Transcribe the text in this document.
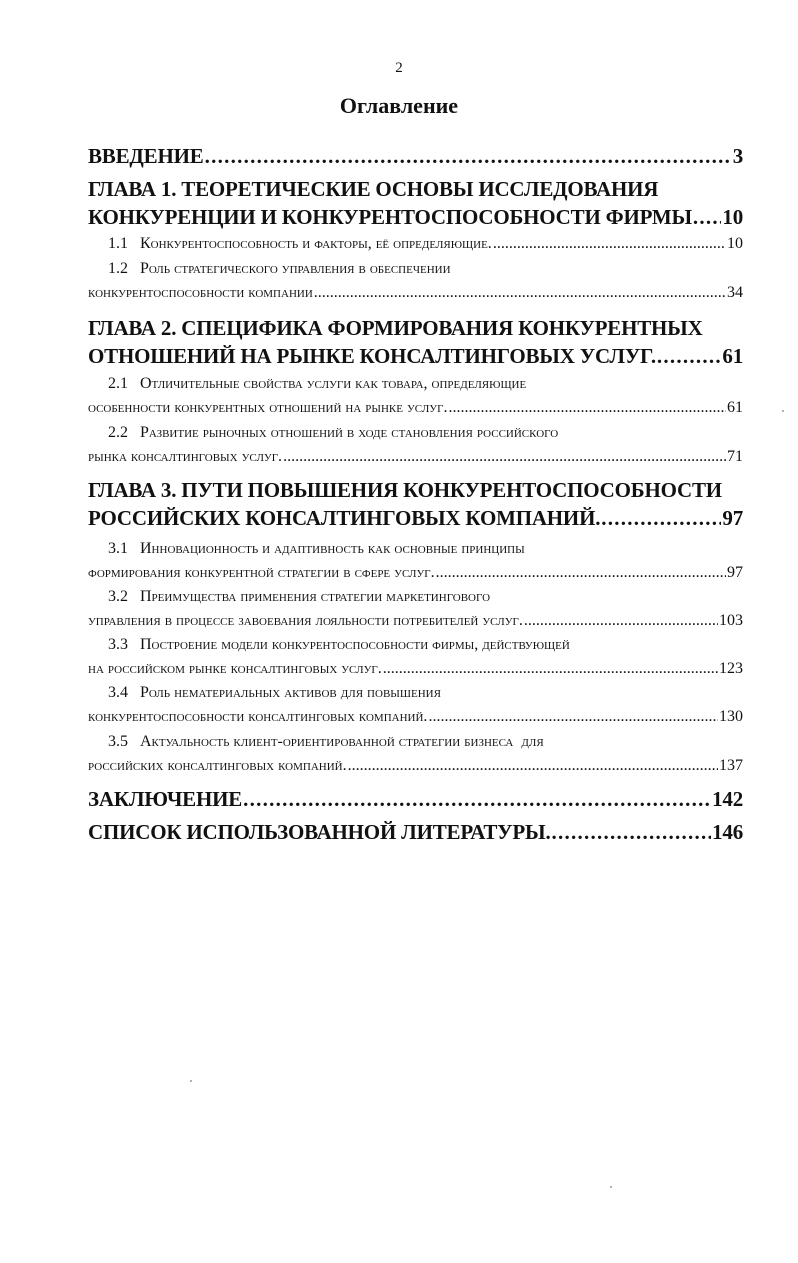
2
Оглавление
ВВЕДЕНИЕ . . .	3
ГЛАВА 1. ТЕОРЕТИЧЕСКИЕ ОСНОВЫ ИССЛЕДОВАНИЯ
КОНКУРЕНЦИИ И КОНКУРЕНТОСПОСОБНОСТИ ФИРМЫ . . . 10
1.1 Конкурентоспособность и факторы, её определяющие. . . .	10
1.2 Роль стратегического управления в обеспечении
конкурентоспособности компании . . .	34
ГЛАВА 2. СПЕЦИФИКА ФОРМИРОВАНИЯ КОНКУРЕНТНЫХ
ОТНОШЕНИЙ НА РЫНКЕ КОНСАЛТИНГОВЫХ УСЛУГ. . . .	61
2.1 Отличительные свойства услуги как товара, определяющие
особенности конкурентных отношений на рынке услуг. . . .	61
2.2 Развитие рыночных отношений в ходе становления российского
рынка консалтинговых услуг. . . .	71
ГЛАВА 3. ПУТИ ПОВЫШЕНИЯ КОНКУРЕНТОСПОСОБНОСТИ
РОССИЙСКИХ КОНСАЛТИНГОВЫХ КОМПАНИЙ. . . .	97
3.1 Инновационность и адаптивность как основные принципы
формирования конкурентной стратегии в сфере услуг. . . .	97
3.2 Преимущества применения стратегии маркетингового
управления в процессе завоевания лояльности потребителей услуг. . . .	103
3.3 Построение модели конкурентоспособности фирмы, действующей
на российском рынке консалтинговых услуг. . . .	123
3.4 Роль нематериальных активов для повышения
конкурентоспособности консалтинговых компаний. . . .	130
3.5 Актуальность клиент-ориентированной стратегии бизнеса  для
российских консалтинговых компаний. . . .	137
ЗАКЛЮЧЕНИЕ . . .	142
СПИСОК ИСПОЛЬЗОВАННОЙ ЛИТЕРАТУРЫ. . . .	146
